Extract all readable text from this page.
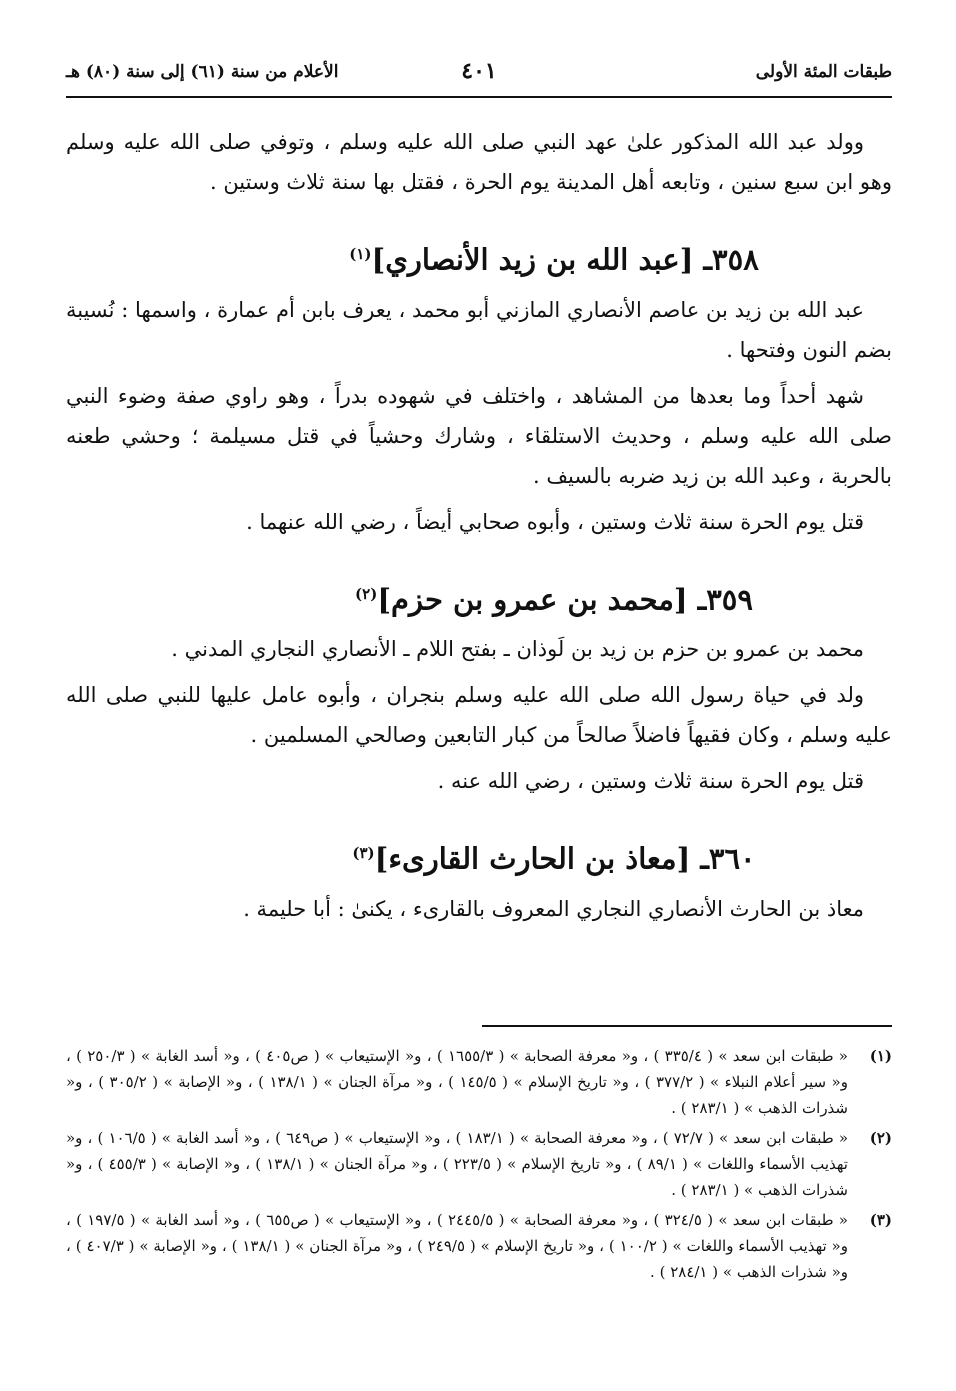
طبقات المئة الأولى
٤٠١
الأعلام من سنة (٦١) إلى سنة (٨٠) هـ

وولد عبد الله المذكور علىٰ عهد النبي صلى الله عليه وسلم ، وتوفي صلى الله عليه وسلم وهو ابن سبع سنين ، وتابعه أهل المدينة يوم الحرة ، فقتل بها سنة ثلاث وستين .

٣٥٨ـ [عبد الله بن زيد الأنصاري]$^{(١)}$

عبد الله بن زيد بن عاصم الأنصاري المازني أبو محمد ، يعرف بابن أم عمارة ، واسمها : نُسيبة بضم النون وفتحها .

شهد أحداً وما بعدها من المشاهد ، واختلف في شهوده بدراً ، وهو راوي صفة وضوء النبي صلى الله عليه وسلم ، وحديث الاستلقاء ، وشارك وحشياً في قتل مسيلمة ؛ وحشي طعنه بالحربة ، وعبد الله بن زيد ضربه بالسيف .

قتل يوم الحرة سنة ثلاث وستين ، وأبوه صحابي أيضاً ، رضي الله عنهما .

٣٥٩ـ [محمد بن عمرو بن حزم]$^{(٢)}$

محمد بن عمرو بن حزم بن زيد بن لَوذان ـ بفتح اللام ـ الأنصاري النجاري المدني .

ولد في حياة رسول الله صلى الله عليه وسلم بنجران ، وأبوه عامل عليها للنبي صلى الله عليه وسلم ، وكان فقيهاً فاضلاً صالحاً من كبار التابعين وصالحي المسلمين .

قتل يوم الحرة سنة ثلاث وستين ، رضي الله عنه .

٣٦٠ـ [معاذ بن الحارث القارىء]$^{(٣)}$

معاذ بن الحارث الأنصاري النجاري المعروف بالقارىء ، يكنىٰ : أبا حليمة .

(١)
« طبقات ابن سعد » ( ٣٣٥/٤ ) ، و« معرفة الصحابة » ( ١٦٥٥/٣ ) ، و« الإستيعاب » ( ص٤٠٥ ) ، و« أسد الغابة » ( ٢٥٠/٣ ) ، و« سير أعلام النبلاء » ( ٣٧٧/٢ ) ، و« تاريخ الإسلام » ( ١٤٥/٥ ) ، و« مرآة الجنان » ( ١٣٨/١ ) ، و« الإصابة » ( ٣٠٥/٢ ) ، و« شذرات الذهب » ( ٢٨٣/١ ) .
(٢)
« طبقات ابن سعد » ( ٧٢/٧ ) ، و« معرفة الصحابة » ( ١٨٣/١ ) ، و« الإستيعاب » ( ص٦٤٩ ) ، و« أسد الغابة » ( ١٠٦/٥ ) ، و« تهذيب الأسماء واللغات » ( ٨٩/١ ) ، و« تاريخ الإسلام » ( ٢٢٣/٥ ) ، و« مرآة الجنان » ( ١٣٨/١ ) ، و« الإصابة » ( ٤٥٥/٣ ) ، و« شذرات الذهب » ( ٢٨٣/١ ) .
(٣)
« طبقات ابن سعد » ( ٣٢٤/٥ ) ، و« معرفة الصحابة » ( ٢٤٤٥/٥ ) ، و« الإستيعاب » ( ص٦٥٥ ) ، و« أسد الغابة » ( ١٩٧/٥ ) ، و« تهذيب الأسماء واللغات » ( ١٠٠/٢ ) ، و« تاريخ الإسلام » ( ٢٤٩/٥ ) ، و« مرآة الجنان » ( ١٣٨/١ ) ، و« الإصابة » ( ٤٠٧/٣ ) ، و« شذرات الذهب » ( ٢٨٤/١ ) .
